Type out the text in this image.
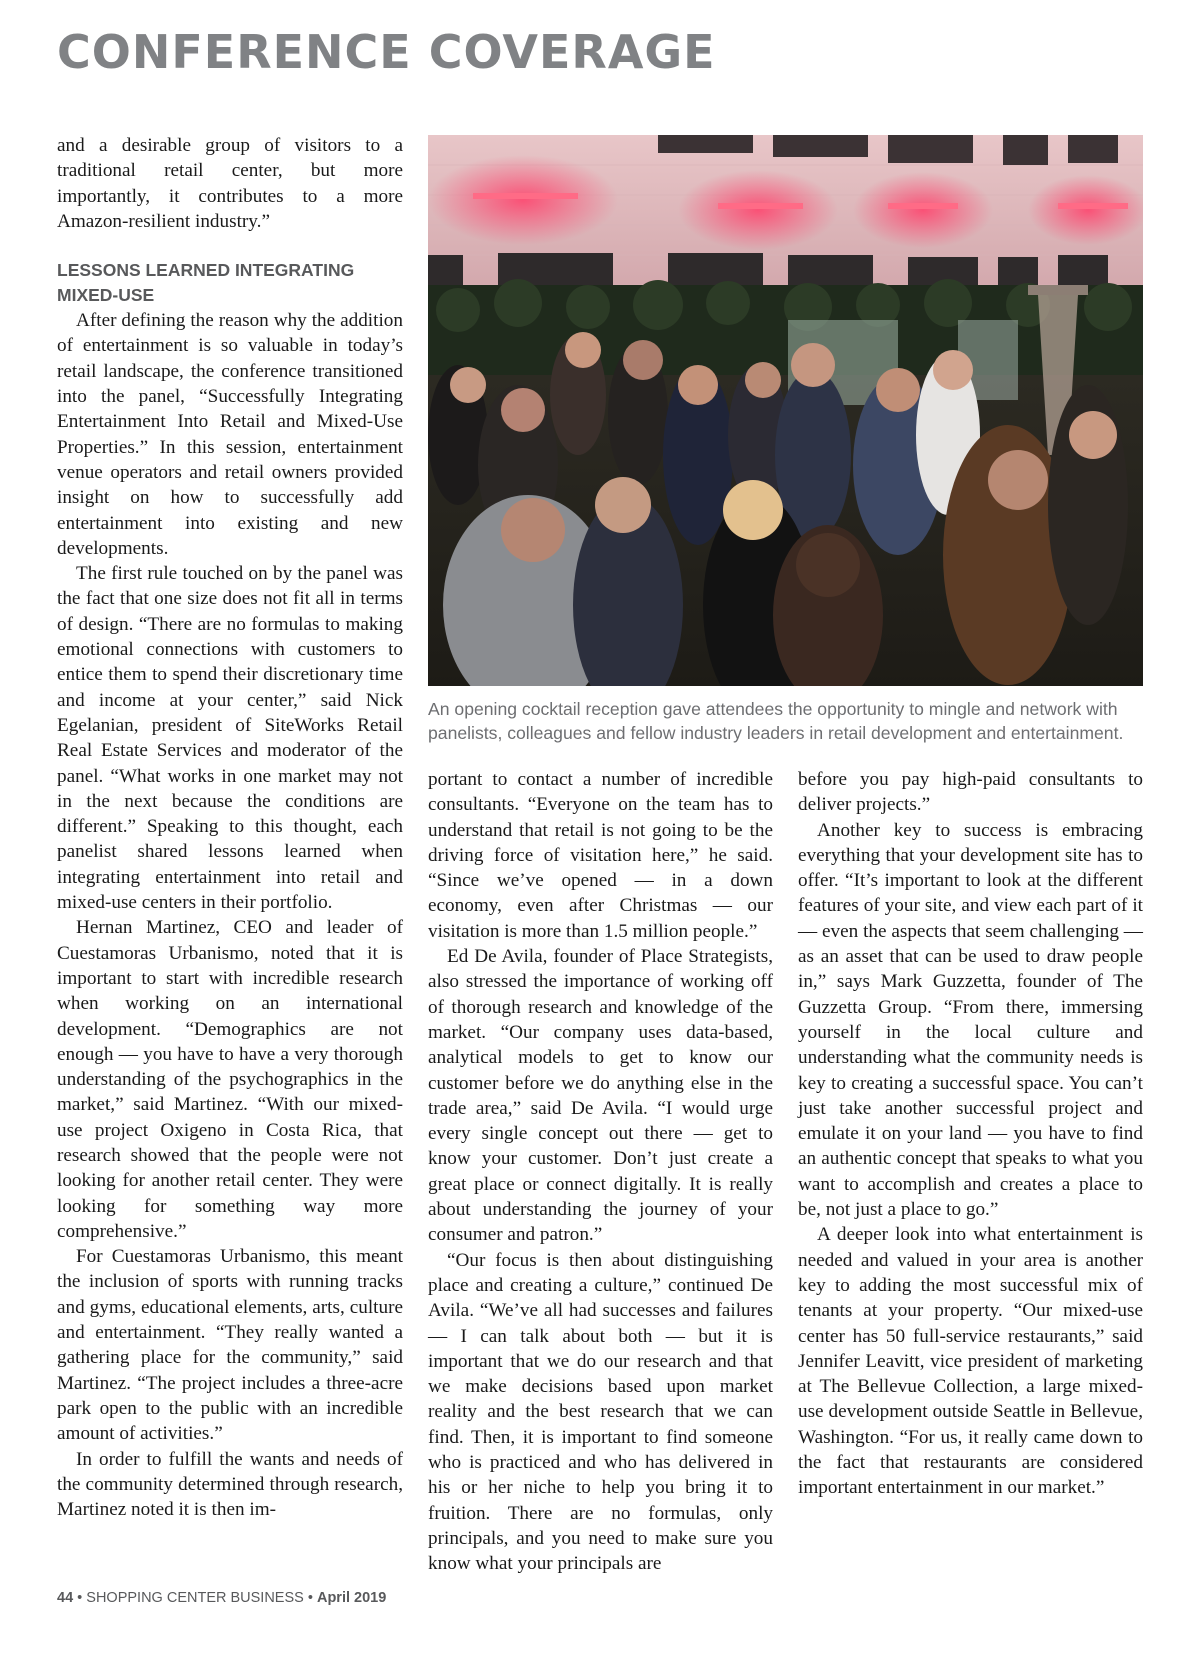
CONFERENCE COVERAGE

and a desirable group of visitors to a traditional retail center, but more importantly, it contributes to a more Amazon-resilient industry.”

LESSONS LEARNED INTEGRATING MIXED-USE

After defining the reason why the addition of entertainment is so valuable in today’s retail landscape, the conference transitioned into the panel, “Successfully Integrating Entertainment Into Retail and Mixed-Use Properties.” In this session, entertainment venue operators and retail owners provided insight on how to successfully add entertainment into existing and new developments.

The first rule touched on by the panel was the fact that one size does not fit all in terms of design. “There are no formulas to making emotional connections with customers to entice them to spend their discretionary time and income at your center,” said Nick Egelanian, president of SiteWorks Retail Real Estate Services and moderator of the panel. “What works in one market may not in the next because the conditions are different.” Speaking to this thought, each panelist shared lessons learned when integrating entertainment into retail and mixed-use centers in their portfolio.

Hernan Martinez, CEO and leader of Cuestamoras Urbanismo, noted that it is important to start with incredible research when working on an international development. “Demographics are not enough — you have to have a very thorough understanding of the psychographics in the market,” said Martinez. “With our mixed-use project Oxigeno in Costa Rica, that research showed that the people were not looking for another retail center. They were looking for something way more comprehensive.”

For Cuestamoras Urbanismo, this meant the inclusion of sports with running tracks and gyms, educational elements, arts, culture and entertainment. “They really wanted a gathering place for the community,” said Martinez. “The project includes a three-acre park open to the public with an incredible amount of activities.”

In order to fulfill the wants and needs of the community determined through research, Martinez noted it is then im-

An opening cocktail reception gave attendees the opportunity to mingle and network with panelists, colleagues and fellow industry leaders in retail development and entertainment.

portant to contact a number of incredible consultants. “Everyone on the team has to understand that retail is not going to be the driving force of visitation here,” he said. “Since we’ve opened — in a down economy, even after Christmas — our visitation is more than 1.5 million people.”

Ed De Avila, founder of Place Strategists, also stressed the importance of working off of thorough research and knowledge of the market. “Our company uses data-based, analytical models to get to know our customer before we do anything else in the trade area,” said De Avila. “I would urge every single concept out there — get to know your customer. Don’t just create a great place or connect digitally. It is really about understanding the journey of your consumer and patron.”

“Our focus is then about distinguishing place and creating a culture,” continued De Avila. “We’ve all had successes and failures — I can talk about both — but it is important that we do our research and that we make decisions based upon market reality and the best research that we can find. Then, it is important to find someone who is practiced and who has delivered in his or her niche to help you bring it to fruition. There are no formulas, only principals, and you need to make sure you know what your principals are

before you pay high-paid consultants to deliver projects.”

Another key to success is embracing everything that your development site has to offer. “It’s important to look at the different features of your site, and view each part of it — even the aspects that seem challenging — as an asset that can be used to draw people in,” says Mark Guzzetta, founder of The Guzzetta Group. “From there, immersing yourself in the local culture and understanding what the community needs is key to creating a successful space. You can’t just take another successful project and emulate it on your land — you have to find an authentic concept that speaks to what you want to accomplish and creates a place to be, not just a place to go.”

A deeper look into what entertainment is needed and valued in your area is another key to adding the most successful mix of tenants at your property. “Our mixed-use center has 50 full-service restaurants,” said Jennifer Leavitt, vice president of marketing at The Bellevue Collection, a large mixed-use development outside Seattle in Bellevue, Washington. “For us, it really came down to the fact that restaurants are considered important entertainment in our market.”

44 • SHOPPING CENTER BUSINESS • April 2019
